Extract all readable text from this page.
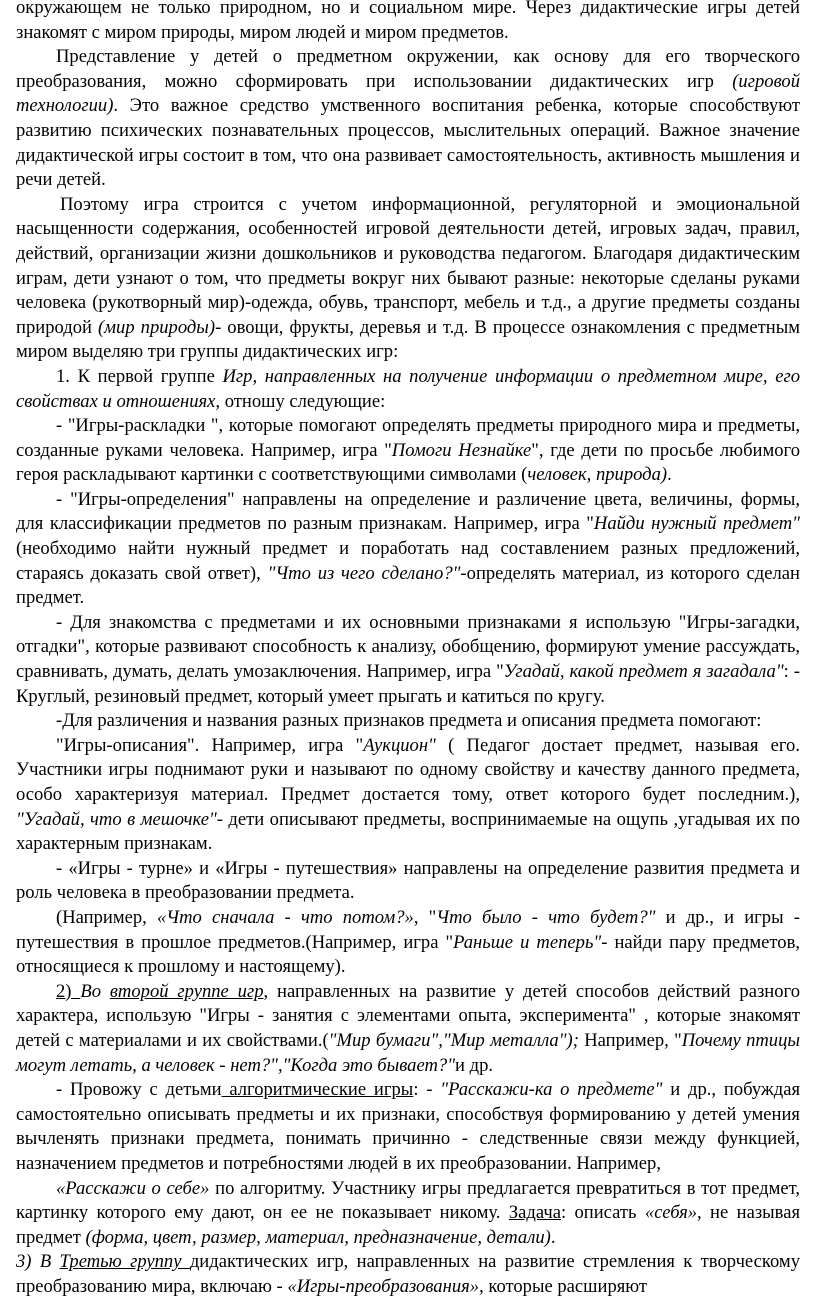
окружающем не только природном, но и социальном мире. Через дидактические игры детей знакомят с миром природы, миром людей и миром предметов.

Представление у детей о предметном окружении, как основу для его творческого преобразования, можно сформировать при использовании дидактических игр (игровой технологии). Это важное средство умственного воспитания ребенка, которые способствуют развитию психических познавательных процессов, мыслительных операций. Важное значение дидактической игры состоит в том, что она развивает самостоятельность, активность мышления и речи детей.

Поэтому игра строится с учетом информационной, регуляторной и эмоциональной насыщенности содержания, особенностей игровой деятельности детей, игровых задач, правил, действий, организации жизни дошкольников и руководства педагогом. Благодаря дидактическим играм, дети узнают о том, что предметы вокруг них бывают разные: некоторые сделаны руками человека (рукотворный мир)-одежда, обувь, транспорт, мебель и т.д., а другие предметы созданы природой (мир природы)- овощи, фрукты, деревья и т.д. В процессе ознакомления с предметным миром выделяю три группы дидактических игр:

1. К первой группе Игр, направленных на получение информации о предметном мире, его свойствах и отношениях, отношу следующие:

- "Игры-раскладки ", которые помогают определять предметы природного мира и предметы, созданные руками человека. Например, игра "Помоги Незнайке", где дети по просьбе любимого героя раскладывают картинки с соответствующими символами (человек, природа).

- "Игры-определения" направлены на определение и различение цвета, величины, формы, для классификации предметов по разным признакам. Например, игра "Найди нужный предмет"(необходимо найти нужный предмет и поработать над составлением разных предложений, стараясь доказать свой ответ), "Что из чего сделано?"-определять материал, из которого сделан предмет.

- Для знакомства с предметами и их основными признаками я использую "Игры-загадки, отгадки", которые развивают способность к анализу, обобщению, формируют умение рассуждать, сравнивать, думать, делать умозаключения. Например, игра "Угадай, какой предмет я загадала": - Круглый, резиновый предмет, который умеет прыгать и катиться по кругу.

-Для различения и названия разных признаков предмета и описания предмета помогают:

"Игры-описания". Например, игра "Аукцион" ( Педагог достает предмет, называя его. Участники игры поднимают руки и называют по одному свойству и качеству данного предмета, особо характеризуя материал. Предмет достается тому, ответ которого будет последним.), "Угадай, что в мешочке"- дети описывают предметы, воспринимаемые на ощупь ,угадывая их по характерным признакам.

- «Игры - турне» и «Игры - путешествия» направлены на определение развития предмета и роль человека в преобразовании предмета.

(Например, «Что сначала - что потом?», "Что было - что будет?" и др., и игры - путешествия в прошлое предметов.(Например, игра "Раньше и теперь"- найди пару предметов, относящиеся к прошлому и настоящему).

2) Во второй группе игр, направленных на развитие у детей способов действий разного характера, использую "Игры - занятия с элементами опыта, эксперимента" , которые знакомят детей с материалами и их свойствами.("Мир бумаги","Мир металла"); Например, "Почему птицы могут летать, а человек - нет?","Когда это бывает?"и др.

- Провожу с детьми алгоритмические игры: - "Расскажи-ка о предмете" и др., побуждая самостоятельно описывать предметы и их признаки, способствуя формированию у детей умения вычленять признаки предмета, понимать причинно - следственные связи между функцией, назначением предметов и потребностями людей в их преобразовании. Например,

«Расскажи о себе» по алгоритму. Участнику игры предлагается превратиться в тот предмет, картинку которого ему дают, он ее не показывает никому. Задача: описать «себя», не называя предмет (форма, цвет, размер, материал, предназначение, детали).

3) В Третью группу дидактических игр, направленных на развитие стремления к творческому преобразованию мира, включаю - «Игры-преобразования», которые расширяют
